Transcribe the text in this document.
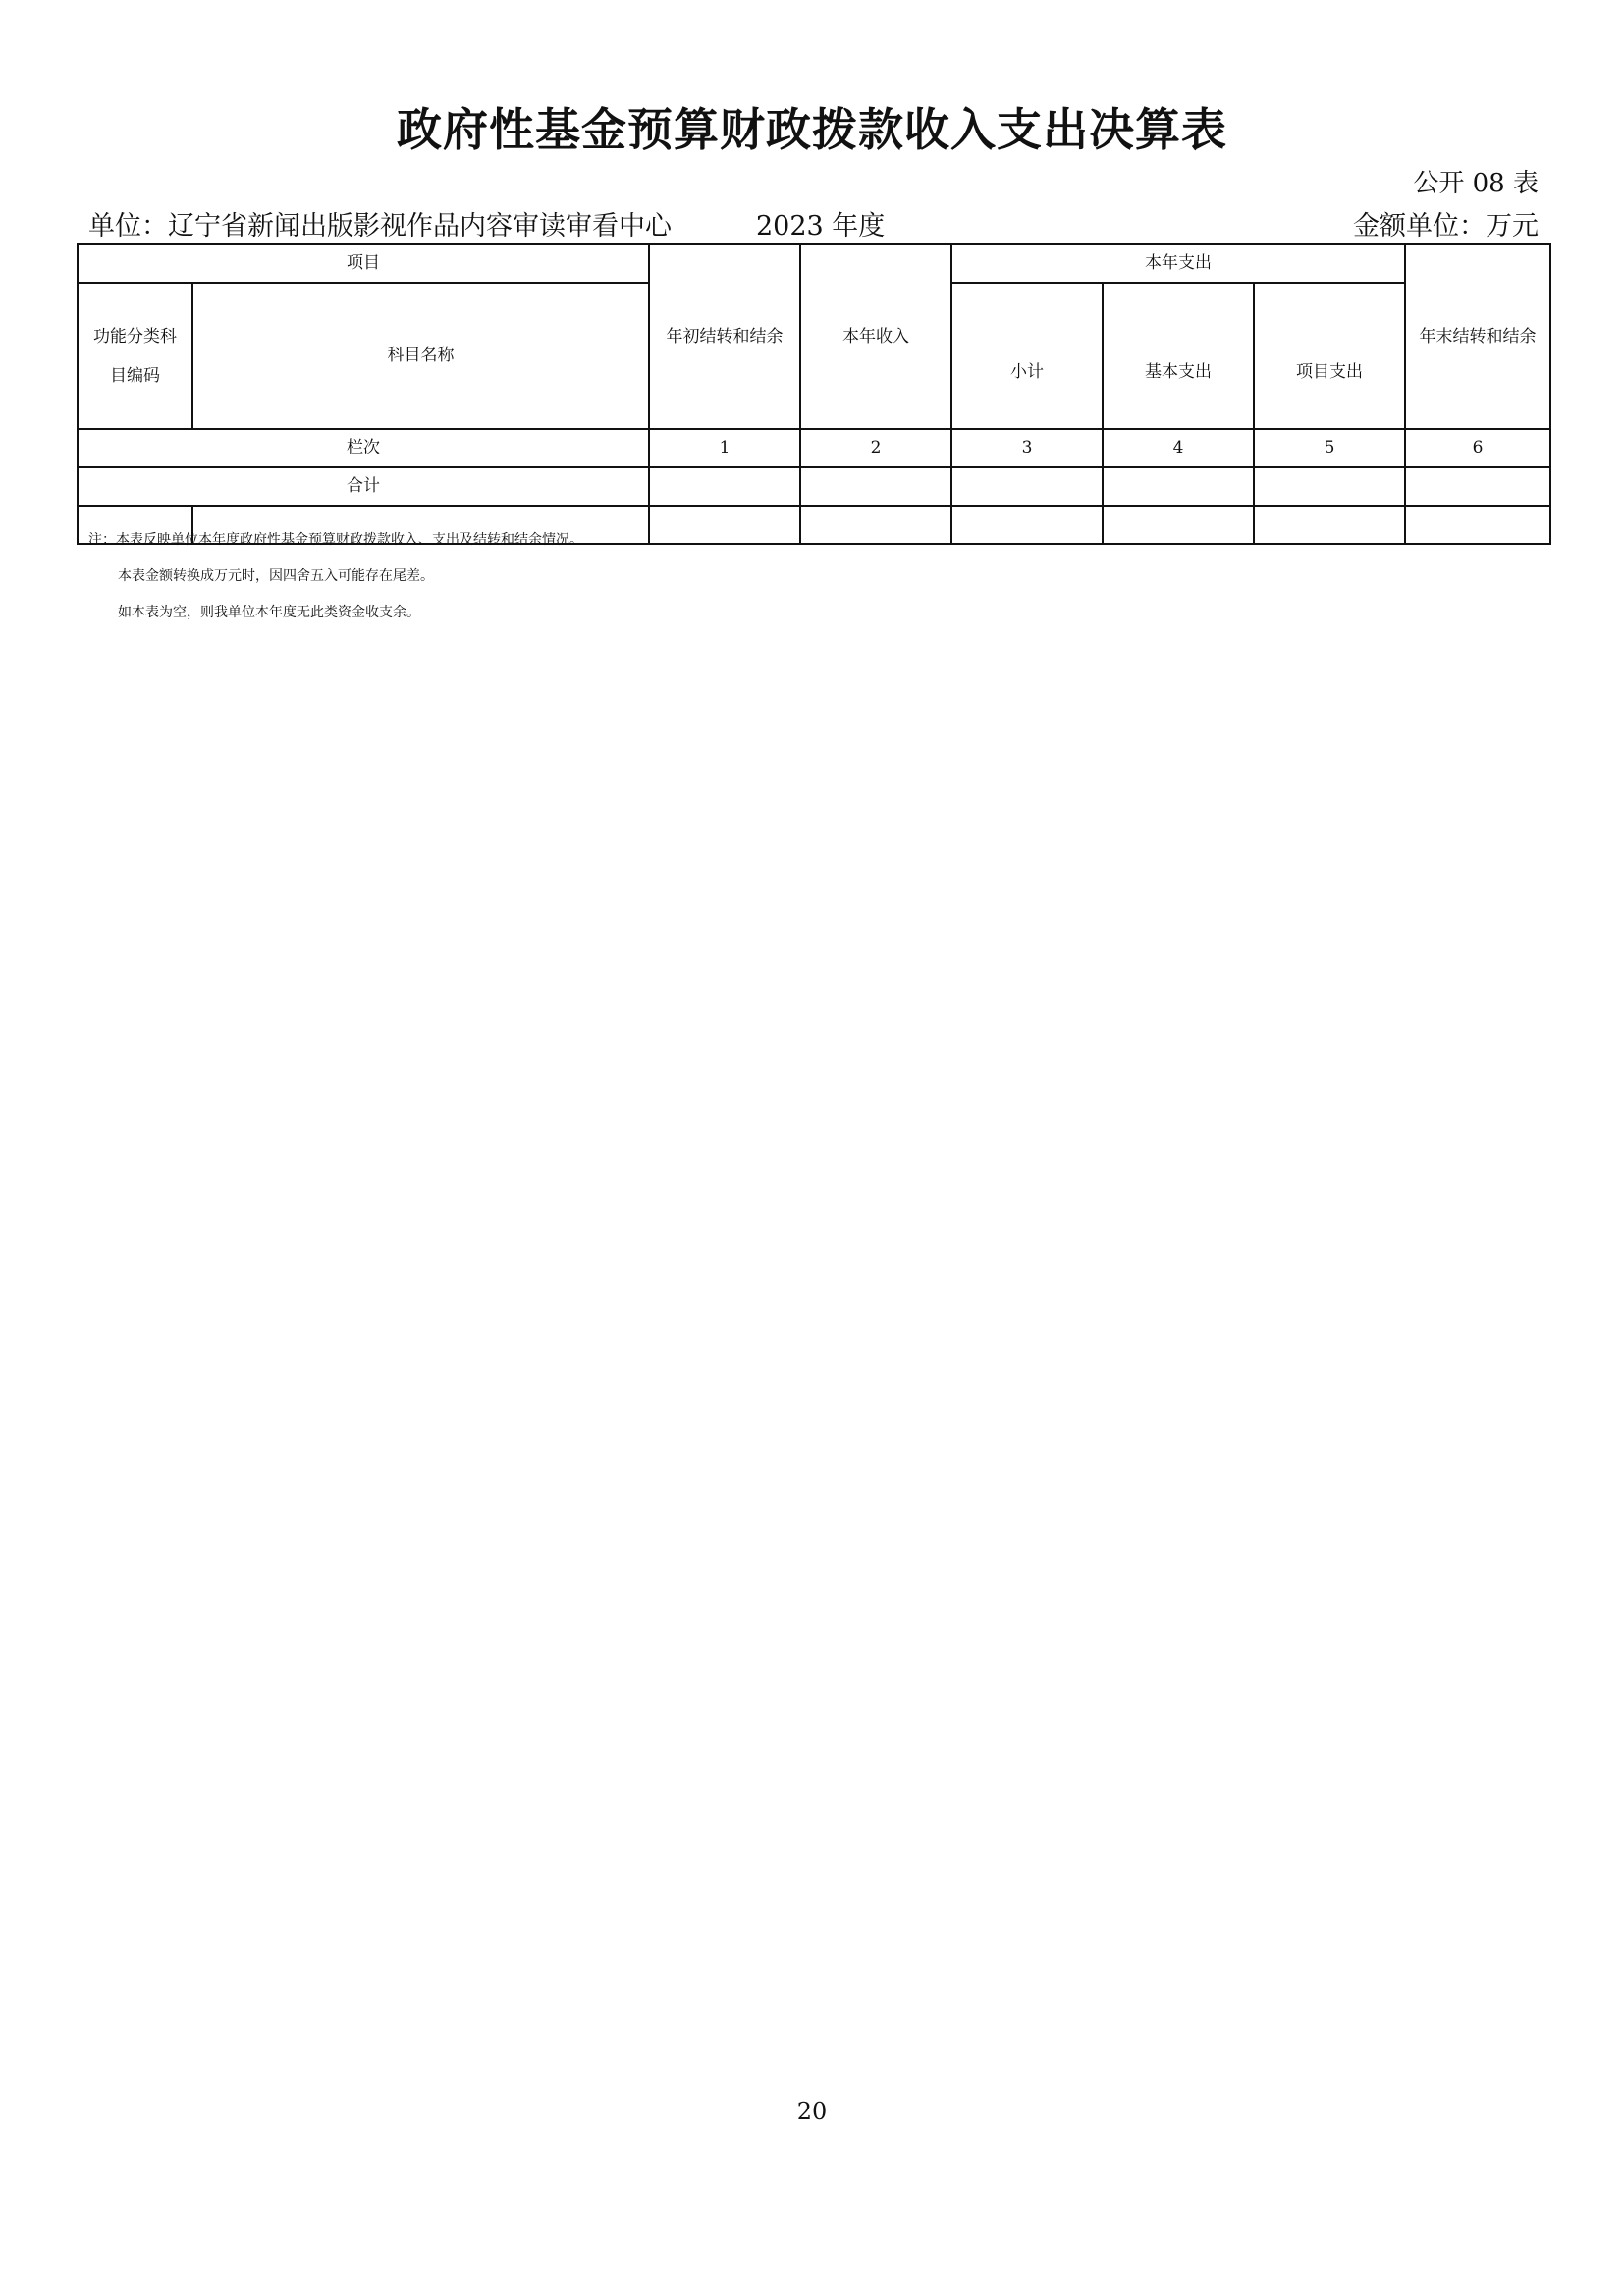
政府性基金预算财政拨款收入支出决算表
公开 08 表
单位：辽宁省新闻出版影视作品内容审读审看中心	2023 年度	金额单位：万元
项目		年初结转和结余	本年收入	本年支出			年末结转和结余

功能分类科目编码	科目名称			小计	基本支出	项目支出	
栏次		1	2	3	4	5	6
合计							

注：本表反映单位本年度政府性基金预算财政拨款收入、支出及结转和结余情况。
本表金额转换成万元时，因四舍五入可能存在尾差。
如本表为空，则我单位本年度无此类资金收支余。
20
